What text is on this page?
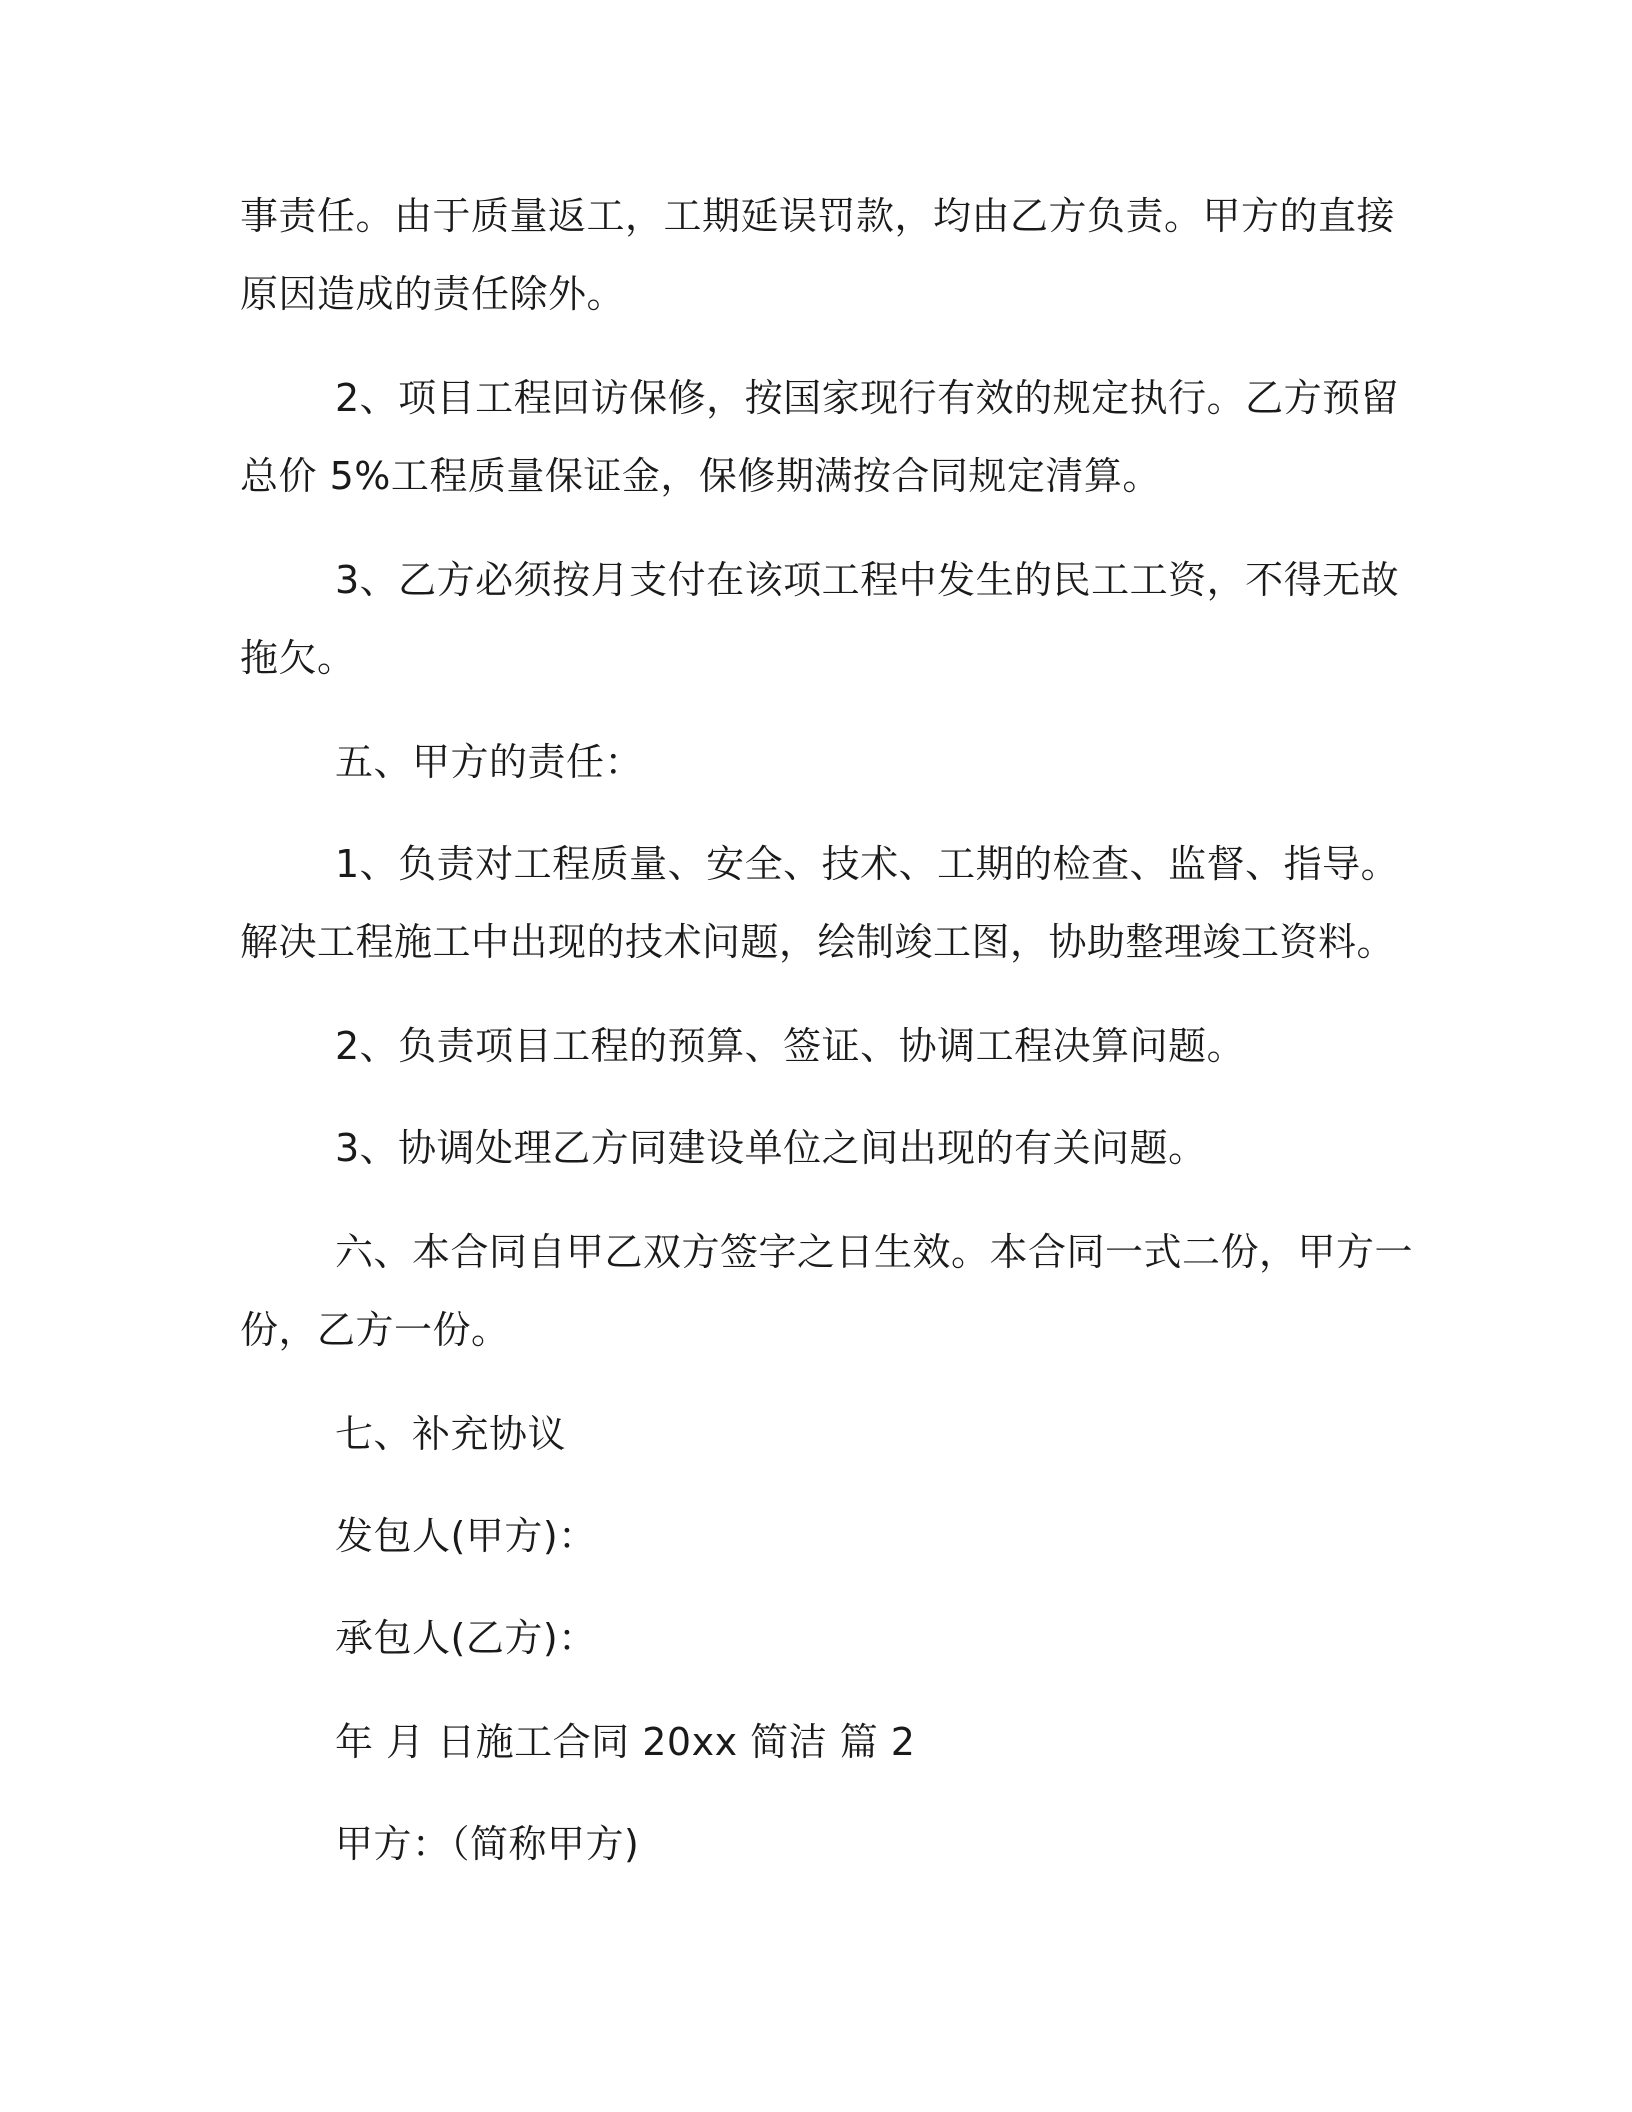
事责任。由于质量返工，工期延误罚款，均由乙方负责。甲方的直接
原因造成的责任除外。
2、项目工程回访保修，按国家现行有效的规定执行。乙方预留
总价 5%工程质量保证金，保修期满按合同规定清算。
3、乙方必须按月支付在该项工程中发生的民工工资，不得无故
拖欠。
五、甲方的责任：
1、负责对工程质量、安全、技术、工期的检查、监督、指导。
解决工程施工中出现的技术问题，绘制竣工图，协助整理竣工资料。
2、负责项目工程的预算、签证、协调工程决算问题。
3、协调处理乙方同建设单位之间出现的有关问题。
六、本合同自甲乙双方签字之日生效。本合同一式二份，甲方一
份，乙方一份。
七、补充协议
发包人(甲方)：
承包人(乙方)：
年 月 日施工合同 20xx 简洁 篇 2
甲方：（简称甲方)
